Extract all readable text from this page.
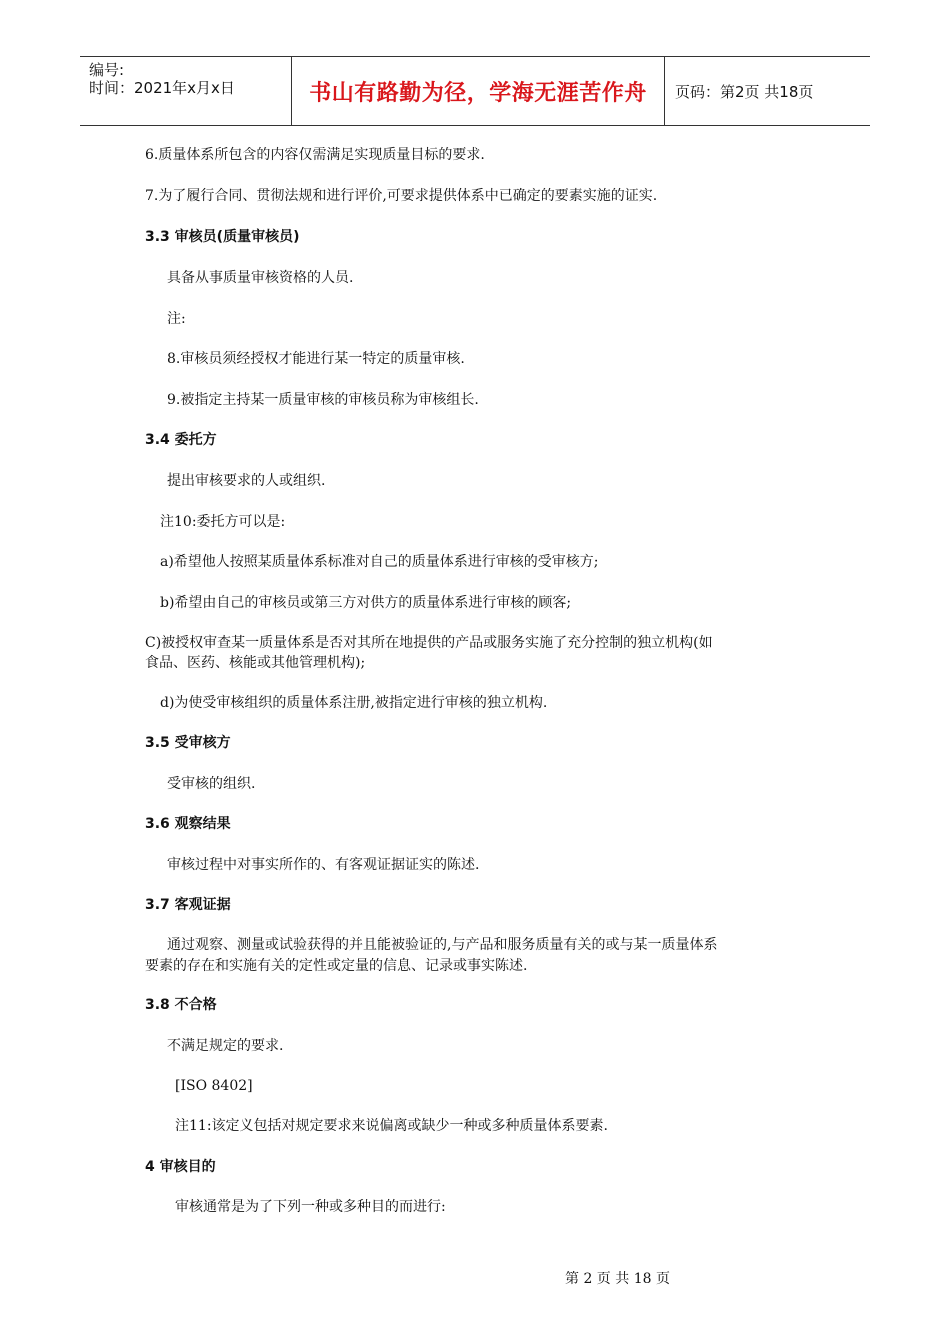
编号:
时间：2021年x月x日	书山有路勤为径，学海无涯苦作舟	页码：第2页 共18页
6.质量体系所包含的内容仅需满足实现质量目标的要求.
7.为了履行合同、贯彻法规和进行评价,可要求提供体系中已确定的要素实施的证实.
3.3 审核员(质量审核员)
具备从事质量审核资格的人员.
注:
8.审核员须经授权才能进行某一特定的质量审核.
9.被指定主持某一质量审核的审核员称为审核组长.
3.4 委托方
提出审核要求的人或组织.
注10:委托方可以是:
a)希望他人按照某质量体系标准对自己的质量体系进行审核的受审核方;
b)希望由自己的审核员或第三方对供方的质量体系进行审核的顾客;
C)被授权审查某一质量体系是否对其所在地提供的产品或服务实施了充分控制的独立机构(如
食品、医药、核能或其他管理机构);
d)为使受审核组织的质量体系注册,被指定进行审核的独立机构.
3.5 受审核方
受审核的组织.
3.6 观察结果
审核过程中对事实所作的、有客观证据证实的陈述.
3.7 客观证据
通过观察、测量或试验获得的并且能被验证的,与产品和服务质量有关的或与某一质量体系
要素的存在和实施有关的定性或定量的信息、记录或事实陈述.
3.8 不合格
不满足规定的要求.
[ISO 8402]
注11:该定义包括对规定要求来说偏离或缺少一种或多种质量体系要素.
4 审核目的
审核通常是为了下列一种或多种目的而进行:
第 2 页 共 18 页
